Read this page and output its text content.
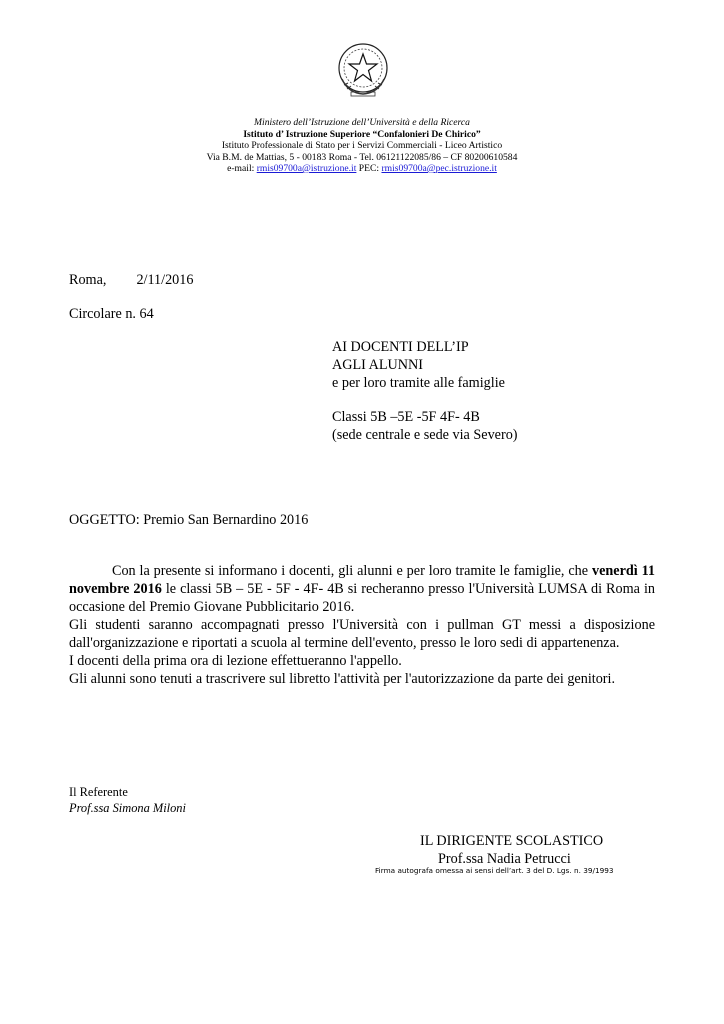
Ministero dell’Istruzione dell’Università e della Ricerca
Istituto d’ Istruzione Superiore “Confalonieri De Chirico”
Istituto Professionale di Stato per i Servizi Commerciali - Liceo Artistico
Via B.M. de Mattias, 5 - 00183 Roma - Tel. 06121122085/86 – CF 80200610584
e-mail: rmis09700a@istruzione.it PEC: rmis09700a@pec.istruzione.it
Roma, 2/11/2016
Circolare n. 64
AI DOCENTI DELL’IP
AGLI ALUNNI
e per loro tramite alle famiglie
Classi 5B –5E -5F 4F- 4B
(sede centrale e sede via Severo)
OGGETTO: Premio San Bernardino 2016

Con la presente si informano i docenti, gli alunni e per loro tramite le famiglie, che venerdì 11 novembre 2016 le classi 5B – 5E - 5F - 4F- 4B si recheranno presso l'Università LUMSA di Roma in occasione del Premio Giovane Pubblicitario 2016.

Gli studenti saranno accompagnati presso l'Università con i pullman GT messi a disposizione dall'organizzazione e riportati a scuola al termine dell'evento, presso le loro sedi di appartenenza.

I docenti della prima ora di lezione effettueranno l'appello.

Gli alunni sono tenuti a trascrivere sul libretto l'attività per l'autorizzazione da parte dei genitori.

Il Referente
Prof.ssa Simona Miloni
IL DIRIGENTE SCOLASTICO
Prof.ssa Nadia Petrucci
Firma autografa omessa ai sensi dell’art. 3 del D. Lgs. n. 39/1993
